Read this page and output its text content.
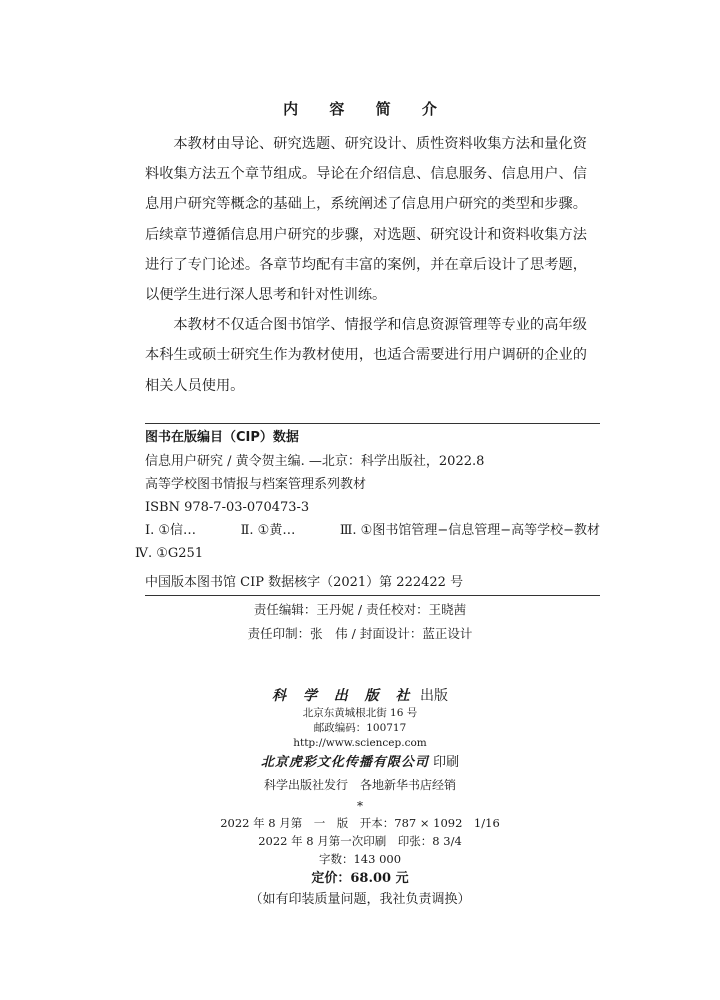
内 容 简 介

本教材由导论、研究选题、研究设计、质性资料收集方法和量化资料收集方法五个章节组成。导论在介绍信息、信息服务、信息用户、信息用户研究等概念的基础上，系统阐述了信息用户研究的类型和步骤。后续章节遵循信息用户研究的步骤，对选题、研究设计和资料收集方法进行了专门论述。各章节均配有丰富的案例，并在章后设计了思考题，以便学生进行深人思考和针对性训练。

本教材不仅适合图书馆学、情报学和信息资源管理等专业的高年级本科生或硕士研究生作为教材使用，也适合需要进行用户调研的企业的相关人员使用。

图书在版编目（CIP）数据
信息用户研究 / 黄令贺主编. —北京：科学出版社，2022.8
高等学校图书情报与档案管理系列教材
ISBN 978-7-03-070473-3
Ⅰ. ①信…	Ⅱ. ①黄…	Ⅲ. ①图书馆管理−信息管理−高等学校−教材
Ⅳ. ①G251
中国版本图书馆 CIP 数据核字（2021）第 222422 号
责任编辑：王丹妮 / 责任校对：王晓茜
责任印制：张　伟 / 封面设计：蓝正设计
科 学 出 版 社 出版
北京东黄城根北街 16 号
邮政编码：100717
http://www.sciencep.com
北京虎彩文化传播有限公司 印刷
科学出版社发行　各地新华书店经销
*
2022 年 8 月第　一　版　开本：787 × 1092　1/16
2022 年 8 月第一次印刷　印张：8 3/4
字数：143 000
定价：68.00 元
（如有印装质量问题，我社负责调换）
